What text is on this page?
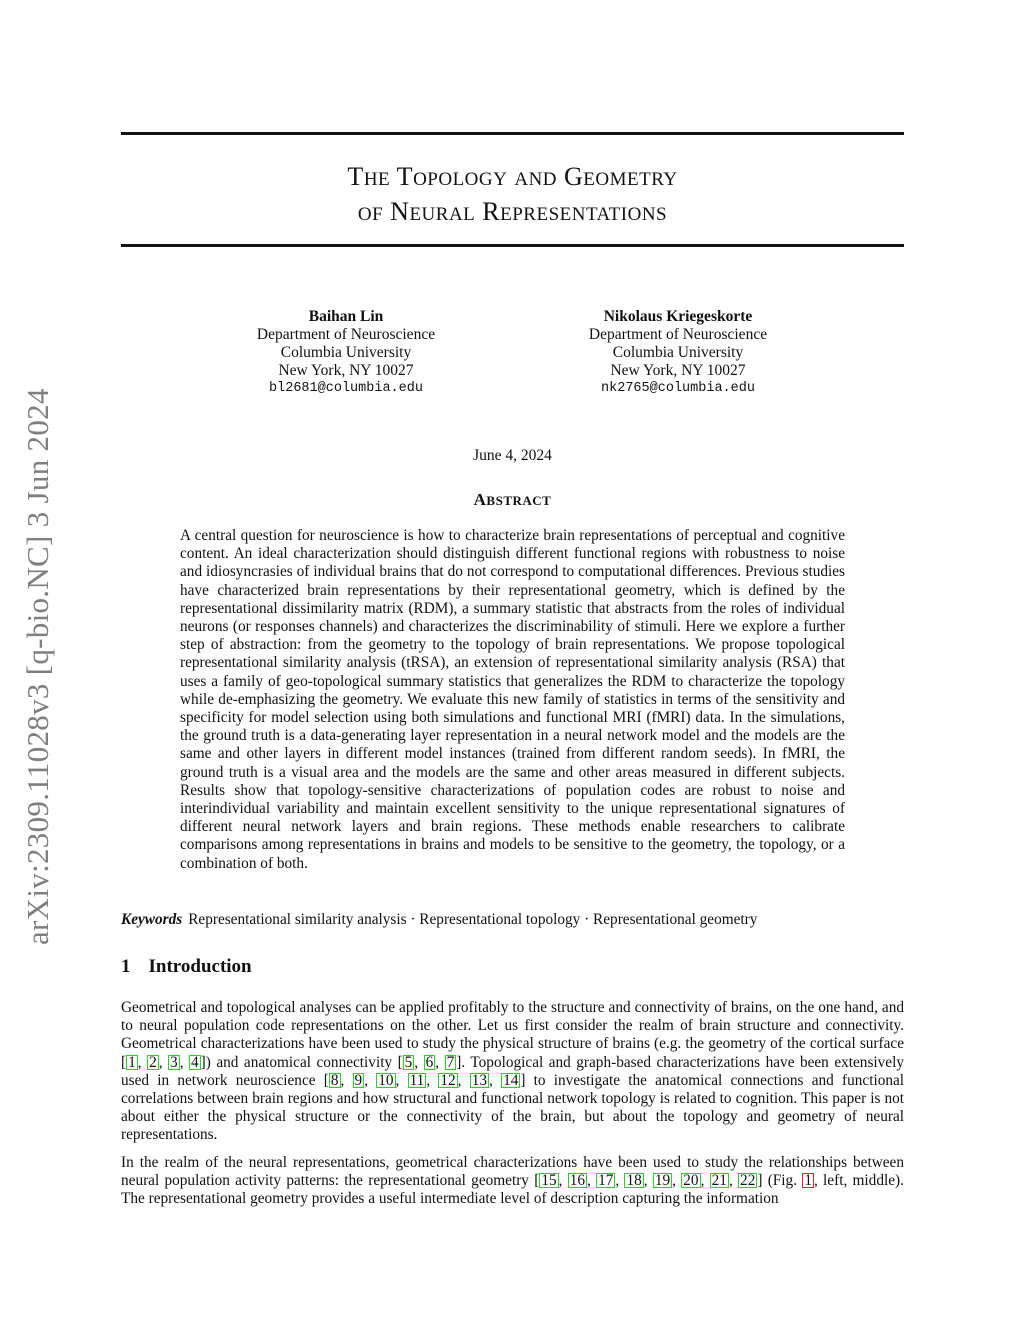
arXiv:2309.11028v3 [q-bio.NC] 3 Jun 2024
THE TOPOLOGY AND GEOMETRY
OF NEURAL REPRESENTATIONS
Baihan Lin
Department of Neuroscience
Columbia University
New York, NY 10027
bl2681@columbia.edu
Nikolaus Kriegeskorte
Department of Neuroscience
Columbia University
New York, NY 10027
nk2765@columbia.edu
June 4, 2024
ABSTRACT
A central question for neuroscience is how to characterize brain representations of perceptual and cognitive content. An ideal characterization should distinguish different functional regions with robustness to noise and idiosyncrasies of individual brains that do not correspond to computational differences. Previous studies have characterized brain representations by their representational geometry, which is defined by the representational dissimilarity matrix (RDM), a summary statistic that abstracts from the roles of individual neurons (or responses channels) and characterizes the discriminability of stimuli. Here we explore a further step of abstraction: from the geometry to the topology of brain representations. We propose topological representational similarity analysis (tRSA), an extension of representational similarity analysis (RSA) that uses a family of geo-topological summary statistics that generalizes the RDM to characterize the topology while de-emphasizing the geometry. We evaluate this new family of statistics in terms of the sensitivity and specificity for model selection using both simulations and functional MRI (fMRI) data. In the simulations, the ground truth is a data-generating layer representation in a neural network model and the models are the same and other layers in different model instances (trained from different random seeds). In fMRI, the ground truth is a visual area and the models are the same and other areas measured in different subjects. Results show that topology-sensitive characterizations of population codes are robust to noise and interindividual variability and maintain excellent sensitivity to the unique representational signatures of different neural network layers and brain regions. These methods enable researchers to calibrate comparisons among representations in brains and models to be sensitive to the geometry, the topology, or a combination of both.
Keywords Representational similarity analysis · Representational topology · Representational geometry
1 Introduction

Geometrical and topological analyses can be applied profitably to the structure and connectivity of brains, on the one hand, and to neural population code representations on the other. Let us first consider the realm of brain structure and connectivity. Geometrical characterizations have been used to study the physical structure of brains (e.g. the geometry of the cortical surface [ 1 , 2 , 3 , 4 ]) and anatomical connectivity [ 5 , 6 , 7 ]. Topological and graph-based characterizations have been extensively used in network neuroscience [ 8 , 9 , 10 , 11 , 12 , 13 , 14 ] to investigate the anatomical connections and functional correlations between brain regions and how structural and functional network topology is related to cognition. This paper is not about either the physical structure or the connectivity of the brain, but about the topology and geometry of neural representations.

In the realm of the neural representations, geometrical characterizations have been used to study the relationships between neural population activity patterns: the representational geometry [ 15 , 16 , 17 , 18 , 19 , 20 , 21 , 22 ] (Fig. 1 , left, middle). The representational geometry provides a useful intermediate level of description capturing the information
